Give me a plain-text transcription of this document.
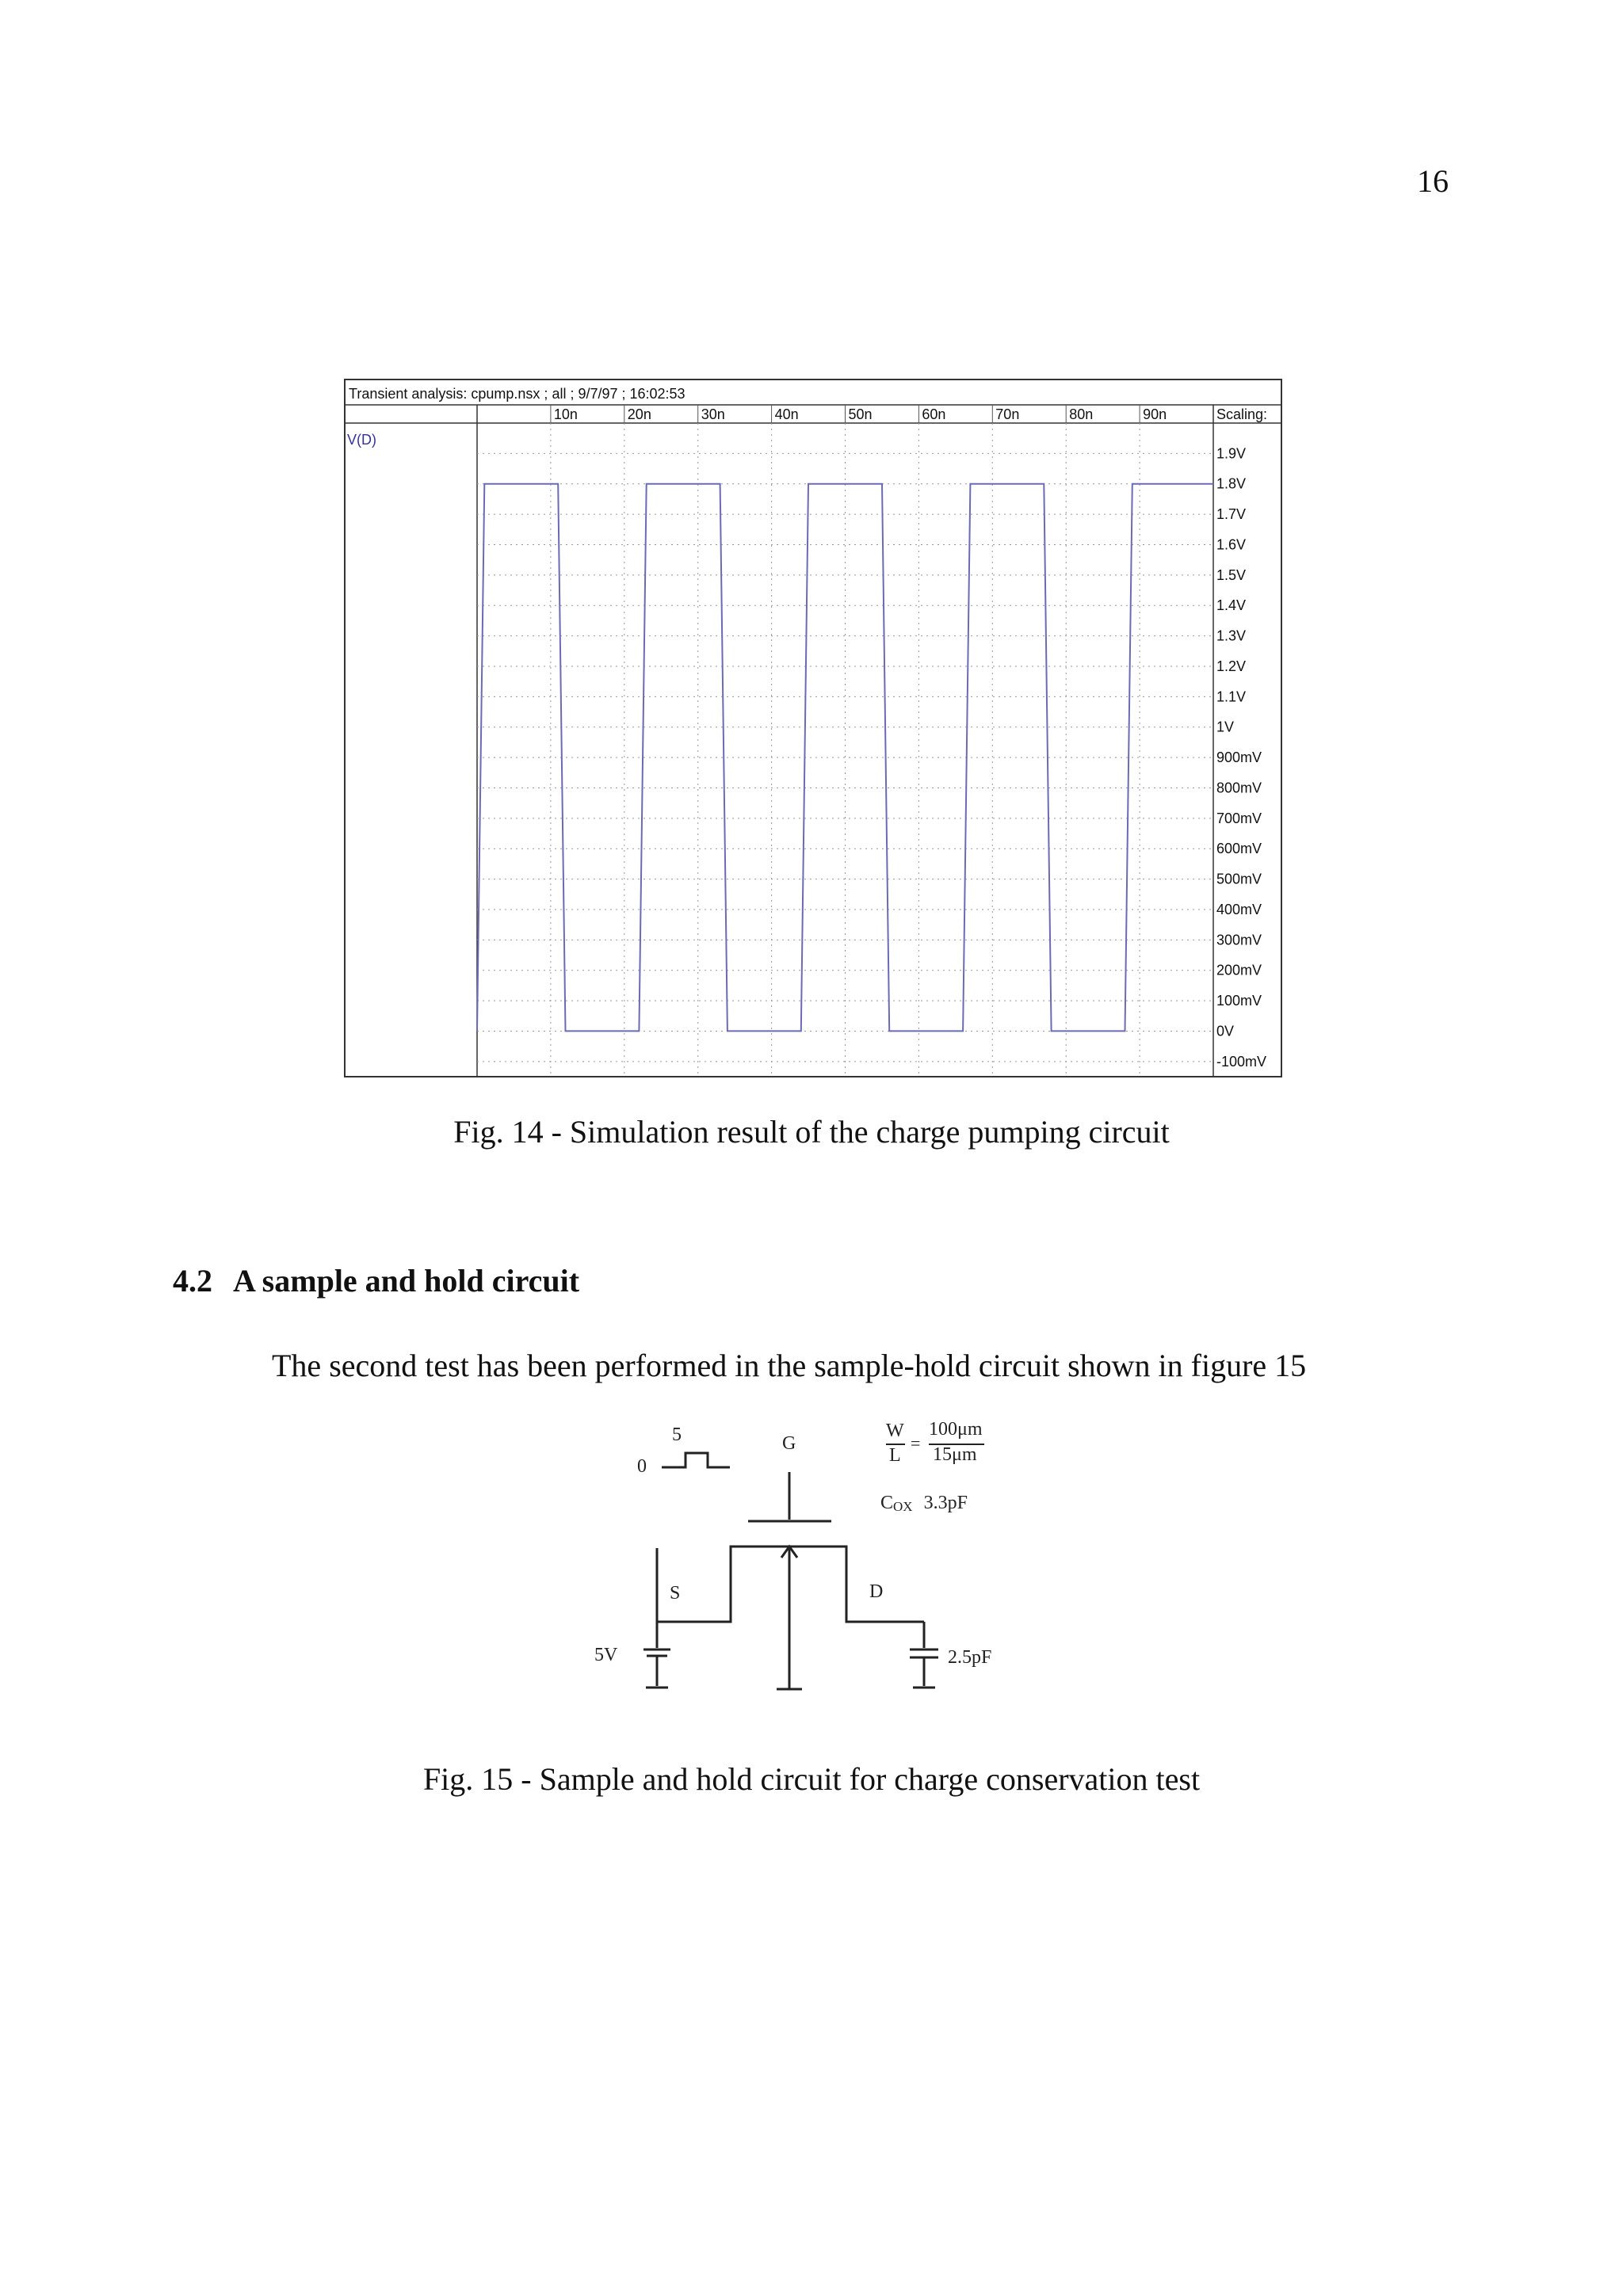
16
Transient analysis: cpump.nsx ; all ; 9/7/97 ; 16:02:53
V(D)
Scaling:
10n	20n	30n	40n	50n	60n	70n	80n	90n
1.9V
1.8V
1.7V
1.6V
1.5V
1.4V
1.3V
1.2V
1.1V
1V
900mV
800mV
700mV
600mV
500mV
400mV
300mV
200mV
100mV
0V
-100mV
Fig. 14 - Simulation result of the charge pumping circuit
4.2 A sample and hold circuit
The second test has been performed in the sample-hold circuit shown in figure 15
5
0
G
S	D
5V	2.5pF
W
L
=
100μm
15μm
COX 3.3pF
Fig. 15 - Sample and hold circuit for charge conservation test
